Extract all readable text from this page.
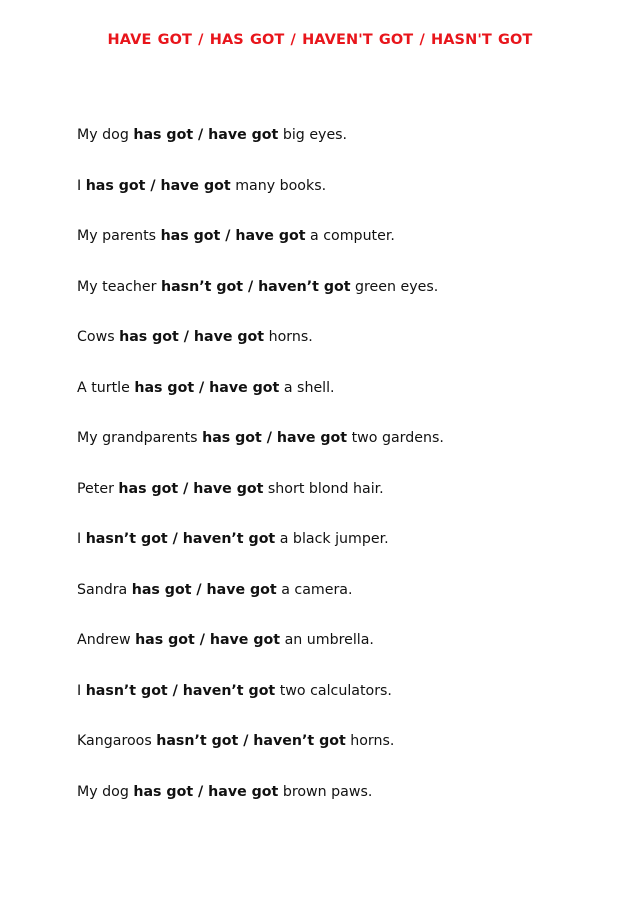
HAVE GOT / HAS GOT / HAVEN'T GOT / HASN'T GOT
My dog has got / have got big eyes.
I has got / have got many books.
My parents has got / have got a computer.
My teacher hasn’t got / haven’t got green eyes.
Cows has got / have got horns.
A turtle has got / have got a shell.
My grandparents has got / have got two gardens.
Peter has got / have got short blond hair.
I hasn’t got / haven’t got a black jumper.
Sandra has got / have got a camera.
Andrew has got / have got an umbrella.
I hasn’t got / haven’t got two calculators.
Kangaroos hasn’t got / haven’t got horns.
My dog has got / have got brown paws.
